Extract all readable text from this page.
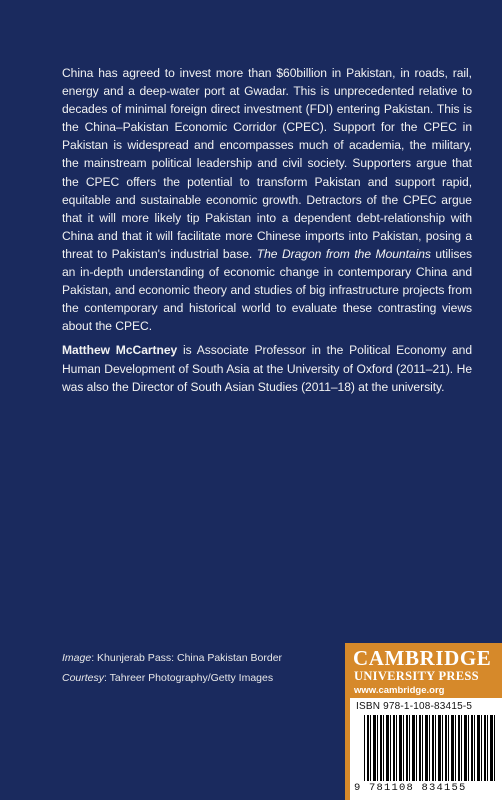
China has agreed to invest more than $60billion in Pakistan, in roads, rail, energy and a deep-water port at Gwadar. This is unprecedented relative to decades of minimal foreign direct investment (FDI) entering Pakistan. This is the China–Pakistan Economic Corridor (CPEC). Support for the CPEC in Pakistan is widespread and encompasses much of academia, the military, the mainstream political leadership and civil society. Supporters argue that the CPEC offers the potential to transform Pakistan and support rapid, equitable and sustainable economic growth. Detractors of the CPEC argue that it will more likely tip Pakistan into a dependent debt-relationship with China and that it will facilitate more Chinese imports into Pakistan, posing a threat to Pakistan's industrial base. The Dragon from the Mountains utilises an in-depth understanding of economic change in contemporary China and Pakistan, and economic theory and studies of big infrastructure projects from the contemporary and historical world to evaluate these contrasting views about the CPEC.

Matthew McCartney is Associate Professor in the Political Economy and Human Development of South Asia at the University of Oxford (2011–21). He was also the Director of South Asian Studies (2011–18) at the university.

Image: Khunjerab Pass: China Pakistan Border
Courtesy: Tahreer Photography/Getty Images
CAMBRIDGE
UNIVERSITY PRESS
www.cambridge.org
ISBN 978-1-108-83415-5
9 781108 834155
